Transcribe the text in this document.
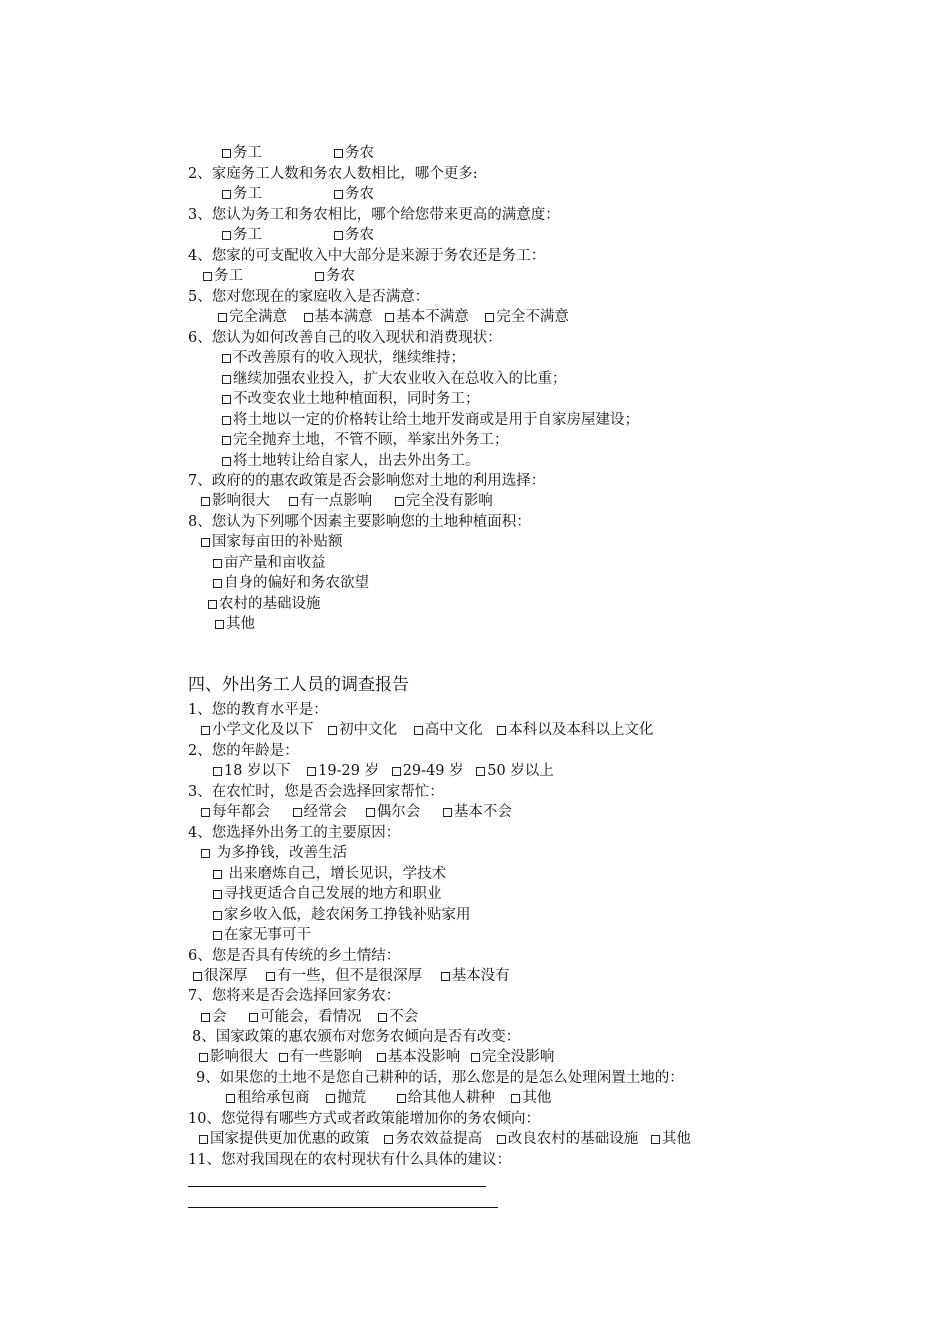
务工	务农
2、家庭务工人数和务农人数相比，哪个更多:
务工	务农
3、您认为务工和务农相比，哪个给您带来更高的满意度：
务工	务农
4、您家的可支配收入中大部分是来源于务农还是务工：
务工	务农
5、您对您现在的家庭收入是否满意：
完全满意 基本满意 基本不满意 完全不满意
6、您认为如何改善自己的收入现状和消费现状：
不改善原有的收入现状，继续维持；
继续加强农业投入，扩大农业收入在总收入的比重；
不改变农业土地种植面积，同时务工；
将土地以一定的价格转让给土地开发商或是用于自家房屋建设；
完全抛弃土地，不管不顾，举家出外务工；
将土地转让给自家人，出去外出务工。
7、政府的的惠农政策是否会影响您对土地的利用选择：
影响很大 有一点影响 完全没有影响
8、您认为下列哪个因素主要影响您的土地种植面积：
国家每亩田的补贴额
亩产量和亩收益
自身的偏好和务农欲望
农村的基础设施
其他
四、外出务工人员的调查报告
1、您的教育水平是：
小学文化及以下 初中文化 高中文化 本科以及本科以上文化
2、您的年龄是：
18 岁以下 19-29 岁 29-49 岁 50 岁以上
3、在农忙时，您是否会选择回家帮忙：
每年都会 经常会 偶尔会 基本不会
4、您选择外出务工的主要原因：
为多挣钱，改善生活
出来磨炼自己，增长见识，学技术
寻找更适合自己发展的地方和职业
家乡收入低，趁农闲务工挣钱补贴家用
在家无事可干
6、您是否具有传统的乡土情结：
很深厚 有一些，但不是很深厚 基本没有
7、您将来是否会选择回家务农：
会 可能会，看情况 不会
8、国家政策的惠农颁布对您务农倾向是否有改变：
影响很大 有一些影响 基本没影响 完全没影响
9、如果您的土地不是您自己耕种的话，那么您是的是怎么处理闲置土地的：
租给承包商 抛荒	给其他人耕种 其他
10、您觉得有哪些方式或者政策能增加你的务农倾向：
国家提供更加优惠的政策 务农效益提高 改良农村的基础设施 其他
11、您对我国现在的农村现状有什么具体的建议：
